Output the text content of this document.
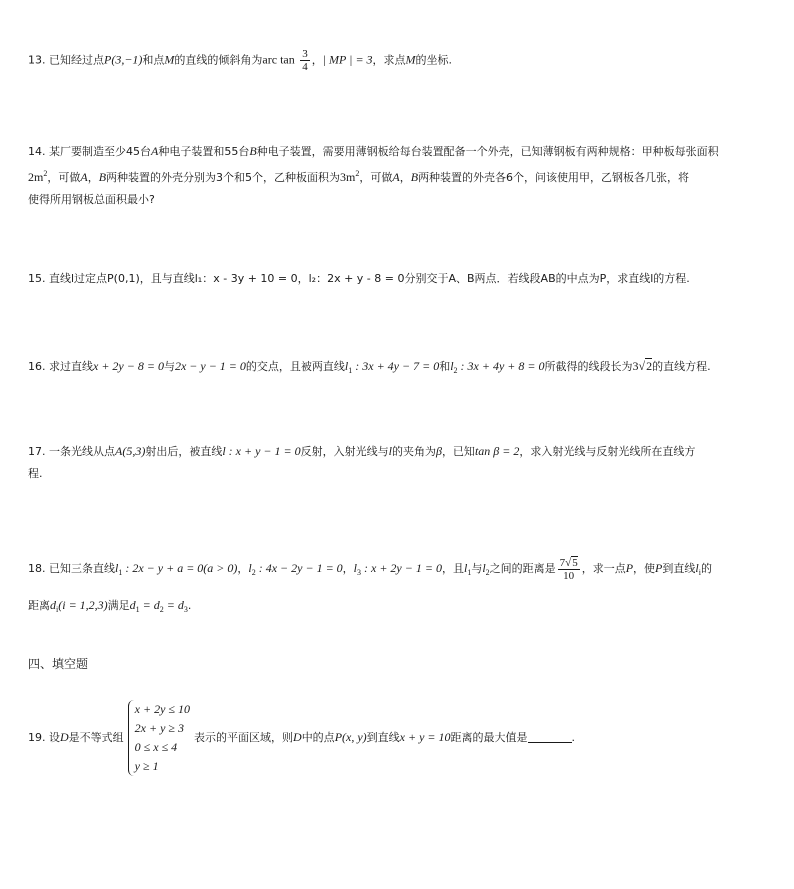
13. 已知经过点P(3,−1)和点M的直线的倾斜角为arc $\tan \frac{3}{4}$ ，| MP | = 3，求点M的坐标.
14. 某厂要制造至少45台A种电子装置和55台B种电子装置，需要用薄钢板给每台装置配备一个外壳，已知薄钢板有两种规格：甲种板每张面积
$2m^2$，可做A，B两种装置的外壳分别为3个和5个，乙种板面积为$3m^2$，可做A，B两种装置的外壳各6个，问该使用甲，乙钢板各几张，将
使得所用钢板总面积最小?
15. 直线l过定点P(0,1)，且与直线l₁：x - 3y + 10 = 0，l₂：2x + y - 8 = 0分别交于A、B两点．若线段AB的中点为P，求直线l的方程.
16. 求过直线x + 2y − 8 = 0与2x − y − 1 = 0的交点，且被两直线$l_1$ : 3x + 4y − 7 = 0和$l_2$ : 3x + 4y + 8 = 0所截得的线段长为3√2的直线方程.
17. 一条光线从点A(5,3)射出后，被直线l : x + y − 1 = 0反射，入射光线与l的夹角为β，已知tan β = 2，求入射光线与反射光线所在直线方
程.
18. 已知三条直线$l_1$ : 2x − y + a = 0(a > 0)，$l_2$ : 4x − 2y − 1 = 0，$l_3$ : x + 2y − 1 = 0，且$l_1$与$l_2$之间的距离是 $\frac{7√5}{10}$ ，求一点P，使P到直线$l_i$的
距离$d_i(i = 1,2,3)$满足$d_1 = d_2 = d_3$.
四、填空题
19. 设D是不等式组
x + 2y ≤ 10
2x + y ≥ 3
0 ≤ x ≤ 4
y ≥ 1
表示的平面区域，则D中的点P(x, y)到直线x + y = 10距离的最大值是	.
